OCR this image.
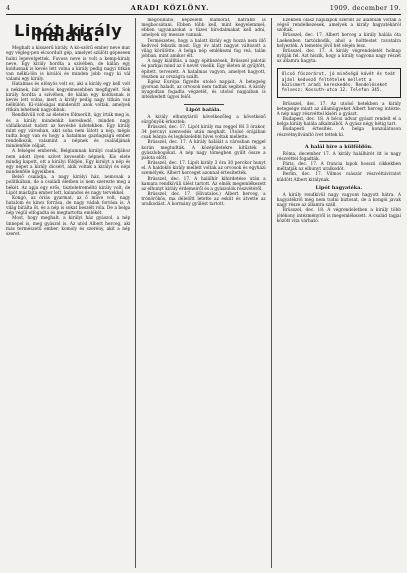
4	ARADI KÖZLÖNY.	1909. december 19.
Lipót király halála.

Meghalt a kisszerű király. A kö-szörű ember neve mar egy végleg-pen elcsordult gép, amelyet szülött gépeseen halni lepevelgettek. Fuvoss neve is volt a kemp-kiraly neve. Egy király hordta a szívében, de kálán egy koldusnak is kevés lett volna a király pedig nagyi titkán van nélkü-lön is kiválói és minden jobb vagy ki vál valami egy király.

Hatalmas és elönyös volt ez, aki a király egy kell volt a nekinek, bár kevés kegyelmesebben megfigyelt. Sok király hordta a szívében, de kálán egy koldusnak is kevés lett volna, mert a király pedig nagy titkán van nélkülön. Ki-válóságai mindenütt azok voltak, amelyek ritkán lehetnek nagyobbak.

Rendkívüli volt az életeire fölmerült, úgy írták meg is, és a király mindenkit kereskedő, minden nagy vállalkozást tudott az kevésbé üzletekben. Egy király mint egy városban, akit soha nem látott a nép, mégis tudta hogy van és hogy a hatalmas gazdagságú ember rendelkezik, valamint a népnek és családjának mindenféle céljait.

A felséges emberek, Belgiumnak királyi családjához nem adott ilyen szívet kevesebb népnek. Kis elete mindig kapott, ott a királyi földjén, Egy királyt a nép és egy népet a király dicsért, akik voltak a királyi és népi mindenféle ügyeikben.

Belső családja, a nagy királyi ház, nemcsak a politikában, de a családi életben is nem szerezte meg a békét. Az apja egy erős, tiszteletreméltó király volt, de Lipót másfajta ember lett, kalandos és nagy tervekkel.

Kongó, az óriás gyarmat, az ő műve volt, nagy hatalom és kincs forrása, de nagy vádak forrása is. A világ bírálta őt, és a nép is sokat beszélt róla. De a belga nép végül elfogadta és megtartotta emlékét.

Most, hogy meghalt, a királyi ház gyászol, a nép ünnepel is, meg gyászol is. Az utód Albert herceg, aki más természetű ember, komoly és szerény, akit a nép szeret.

megcsillanó, képzelem mámorát, hátrább is megbocsátani. Ebben több kell, mint kegyelemmel; ebben ugyanazokat a tüzes birodalmakat kell adni, amelyek oly messze vannak.

Természetes, hogy a halott király egy hozzá nem illő kedvvel fekszik most. Egy év alatt nagyot változott a világ körülötte. A belga nép emlékezni fog reá, talán jobban, mint amikor élt.

A nagy kiállítás, a nagy építkezések, Brüsszel palotái és parkjai mind az ő nevét viselik. Egy életen át gyűjtött, épített, tervezett. A hatalmas vagyon, amelyet hagyott, részben az országra szállt.

Egész Európa figyelte utolsó napjait. A betegség gyorsan haladt, az orvosok nem tudtak segíteni. A király nyugodtan fogadta végzetét, és utolsó napjaiban is intézkedett ügyei felől.

Lipót halála.

A király elhunytáról következőleg a következő sürgönyök érkeztek:

Brüsszel, dec. 17. Lipót király ma reggel fél 3 órakor, 34 percnyi szenvedés után meghalt. Utolsó órájában csak leánya és legközelebbi hívei voltak mellette.

Brüsszel, dec. 17. A király halálát a városban reggel korán megtudták. A középületekre kitűzték a gyászlobogókat. A nép nagy tömegben gyűlt össze a palota előtt.

Brüsszel, dec. 17. Lipót király 3 óra 30 perckor hunyt el. A haldokló király mellett voltak az orvosok és egyházi személyek. Albert herceget azonnal értesítették.

Brüsszel, dec. 17. A halálhír kihirdetése után a kamara rendkívüli ülést tartott. Az elnök megemlékezett az elhunyt király érdemeiről és a gyászolók részvétéről.

Brüsszel, dec. 17. (Hivatalos.) Albert herceg, a trónörökös, ma délelőtt letette az esküt és átvette az uralkodást. A kormány gyűlést tartott.

Ezekben olasz napilapok szerint az alábbiak voltak a végső rendelkezések, amelyek a király hagyatékáról szóltak.

Brüsszel, dec. 17. Albert herceg a király halála óta Laekenben tartózkodik, ahol a holttestet ravatalra helyezték. A temetés jövő hét elején lesz.

Brüsszel, dec. 17. A király végrendeletét holnap nyitják fel. Azt hiszik, hogy a király vagyona nagy részét az államra hagyta.

Olcsó fűszerárut, jó minőségű kávét és teát ajánl kedvező feltételek mellett a közismert aradi kereskedés. Rendeléseket felvesz: Kossuth-utca 12. Telefon 345.

Brüsszel, dec. 17. Az utolsó hetekben a király betegsége miatt az államügyeket Albert herceg intézte. A nép nagy részvéttel kíséri a gyászt.

Budapest, dec. 18. A bécsi udvar gyászt rendelt el a belga király halála alkalmából. A gyász négy hétig tart.

Budapesti értesítés. A belga konzulátuson részvétnyilvánító ívet tettek ki.

A halál híre a külföldön.

Róma, december 17. A király halálhírét itt is nagy részvéttel fogadták.

Páris, dec. 17. A francia lapok hosszú cikkekben méltatják az elhunyt uralkodót.

Berlin, dec. 17. Vilmos császár részvéttáviratot küldött Albert királynak.

Lipót hagyatéka.

A király rendkívül nagy vagyont hagyott hátra. A hagyatékról még nem tudni biztosat, de a kongói javak nagy része az államra száll.

Brüsszel, dec. 18. A végrendeletben a király több jótékony intézményről is megemlékezett. A család tagjai között vita várható.
